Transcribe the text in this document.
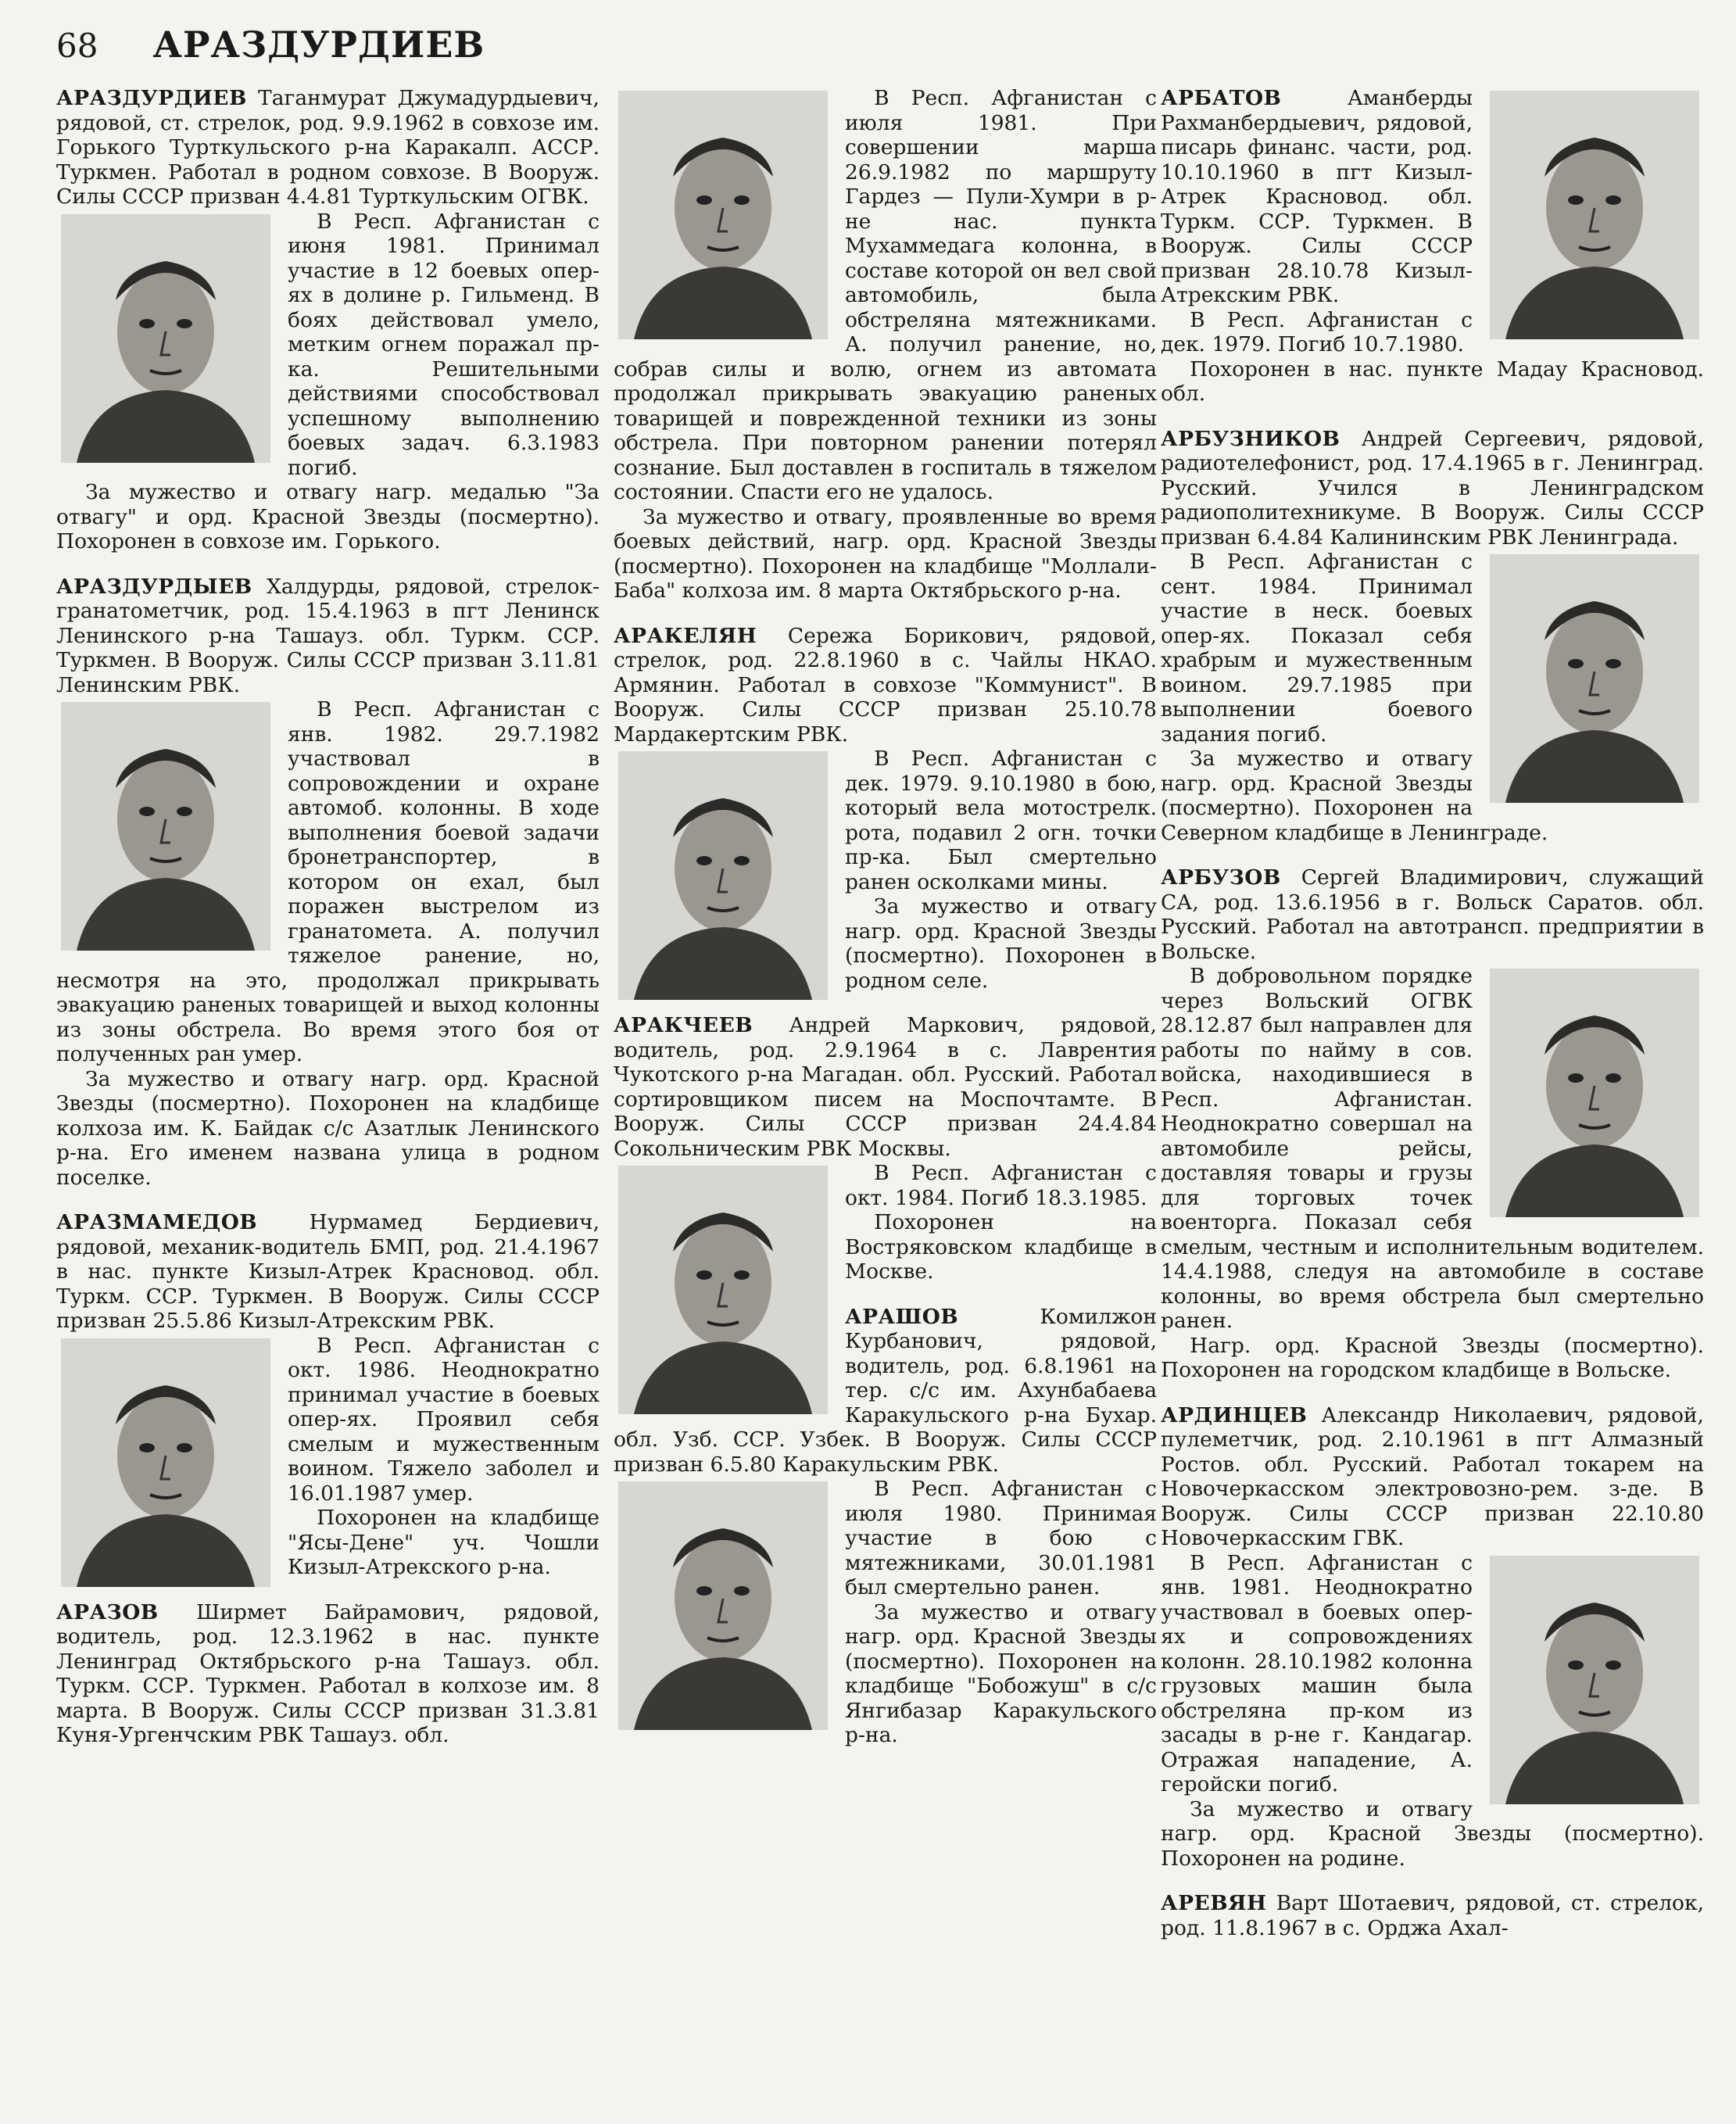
68 АРАЗДУРДИЕВ

АРАЗДУРДИЕВ Таганмурат Джумадурдыевич, рядовой, ст. стрелок, род. 9.9.1962 в совхозе им. Горького Турткульского р-на Каракалп. АССР. Туркмен. Работал в родном совхозе. В Вооруж. Силы СССР призван 4.4.81 Турткульским ОГВК.

В Респ. Афганистан с июня 1981. Принимал участие в 12 боевых опер-ях в долине р. Гильменд. В боях действовал умело, метким огнем поражал пр-ка. Решительными действиями способствовал успешному выполнению боевых задач. 6.3.1983 погиб.

За мужество и отвагу нагр. медалью "За отвагу" и орд. Красной Звезды (посмертно). Похоронен в совхозе им. Горького.

АРАЗДУРДЫЕВ Халдурды, рядовой, стрелок-гранатометчик, род. 15.4.1963 в пгт Ленинск Ленинского р-на Ташауз. обл. Туркм. ССР. Туркмен. В Вооруж. Силы СССР призван 3.11.81 Ленинским РВК.

В Респ. Афганистан с янв. 1982. 29.7.1982 участвовал в сопровождении и охране автомоб. колонны. В ходе выполнения боевой задачи бронетранспортер, в котором он ехал, был поражен выстрелом из гранатомета. А. получил тяжелое ранение, но, несмотря на это, продолжал прикрывать эвакуацию раненых товарищей и выход колонны из зоны обстрела. Во время этого боя от полученных ран умер.

За мужество и отвагу нагр. орд. Красной Звезды (посмертно). Похоронен на кладбище колхоза им. К. Байдак с/с Азатлык Ленинского р-на. Его именем названа улица в родном поселке.

АРАЗМАМЕДОВ	Нурмамед Бердиевич, рядовой, механик-водитель БМП, род. 21.4.1967 в нас. пункте Кизыл-Атрек Красновод. обл. Туркм. ССР. Туркмен. В Вооруж. Силы СССР призван 25.5.86 Кизыл-Атрекским РВК.

В Респ. Афганистан с окт. 1986. Неоднократно принимал участие в боевых опер-ях. Проявил себя смелым и мужественным воином. Тяжело заболел и 16.01.1987 умер.

Похоронен на кладбище "Ясы-Дене" уч. Чошли Кизыл-Атрекского р-на.

АРАЗОВ Ширмет Байрамович, рядовой, водитель, род. 12.3.1962 в нас. пункте Ленинград Октябрьского р-на Ташауз. обл. Туркм. ССР. Туркмен. Работал в колхозе им. 8 марта. В Вооруж. Силы СССР призван 31.3.81 Куня-Ургенчским РВК Ташауз. обл.

В Респ. Афганистан с июля 1981. При совершении марша 26.9.1982 по маршруту Гардез — Пули-Хумри в р-не нас. пункта Мухаммедага колонна, в составе которой он вел свой автомобиль, была обстреляна мятежниками. А. получил ранение, но, собрав силы и волю, огнем из автомата продолжал прикрывать эвакуацию раненых товарищей и поврежденной техники из зоны обстрела. При повторном ранении потерял сознание. Был доставлен в госпиталь в тяжелом состоянии. Спасти его не удалось.

За мужество и отвагу, проявленные во время боевых действий, нагр. орд. Красной Звезды (посмертно). Похоронен на кладбище "Моллали-Баба" колхоза им. 8 марта Октябрьского р-на.

АРАКЕЛЯН Сережа Борикович, рядовой, стрелок, род. 22.8.1960 в с. Чайлы НКАО. Армянин. Работал в совхозе "Коммунист". В Вооруж. Силы СССР призван 25.10.78 Мардакертским РВК.

В Респ. Афганистан с дек. 1979. 9.10.1980 в бою, который вела мотострелк. рота, подавил 2 огн. точки пр-ка. Был смертельно ранен осколками мины.

За мужество и отвагу нагр. орд. Красной Звезды (посмертно). Похоронен в родном селе.

АРАКЧЕЕВ Андрей Маркович, рядовой, водитель, род. 2.9.1964 в с. Лаврентия Чукотского р-на Магадан. обл. Русский. Работал сортировщиком писем на Моспочтамте. В Вооруж. Силы СССР призван 24.4.84 Сокольническим РВК Москвы.

В Респ. Афганистан с окт. 1984. Погиб 18.3.1985.

Похоронен на Востряковском кладбище в Москве.

АРАШОВ	Комилжон Курбанович, рядовой, водитель, род. 6.8.1961 на тер. с/с им. Ахунбабаева Каракульского р-на Бухар. обл. Узб. ССР. Узбек. В Вооруж. Силы СССР призван 6.5.80 Каракульским РВК.

В Респ. Афганистан с июля 1980. Принимая участие в бою с мятежниками, 30.01.1981 был смертельно ранен.

За мужество и отвагу нагр. орд. Красной Звезды (посмертно). Похоронен на кладбище "Бобожуш" в с/с Янгибазар Каракульского р-на.

АРБАТОВ	Аманберды Рахманбердыевич, рядовой, писарь финанс. части, род. 10.10.1960 в пгт Кизыл-Атрек Красновод. обл. Туркм. ССР. Туркмен. В Вооруж. Силы СССР призван 28.10.78 Кизыл-Атрекским РВК.

В Респ. Афганистан с дек. 1979. Погиб 10.7.1980.

Похоронен в нас. пункте Мадау Красновод. обл.

АРБУЗНИКОВ Андрей Сергеевич, рядовой, радиотелефонист, род. 17.4.1965 в г. Ленинград. Русский. Учился в Ленинградском радиополитехникуме. В Вооруж. Силы СССР призван 6.4.84 Калининским РВК Ленинграда.

В Респ. Афганистан с сент. 1984. Принимал участие в неск. боевых опер-ях. Показал себя храбрым и мужественным воином. 29.7.1985 при выполнении боевого задания погиб.

За мужество и отвагу нагр. орд. Красной Звезды (посмертно). Похоронен на Северном кладбище в Ленинграде.

АРБУЗОВ Сергей Владимирович, служащий СА, род. 13.6.1956 в г. Вольск Саратов. обл. Русский. Работал на автотрансп. предприятии в Вольске.

В добровольном порядке через Вольский ОГВК 28.12.87 был направлен для работы по найму в сов. войска, находившиеся в Респ. Афганистан. Неоднократно совершал на автомобиле рейсы, доставляя товары и грузы для торговых точек военторга. Показал себя смелым, честным и исполнительным водителем. 14.4.1988, следуя на автомобиле в составе колонны, во время обстрела был смертельно ранен.

Нагр. орд. Красной Звезды (посмертно). Похоронен на городском кладбище в Вольске.

АРДИНЦЕВ Александр Николаевич, рядовой, пулеметчик, род. 2.10.1961 в пгт Алмазный Ростов. обл. Русский. Работал токарем на Новочеркасском электровозно-рем. з-де. В Вооруж. Силы СССР призван 22.10.80 Новочеркасским ГВК.

В Респ. Афганистан с янв. 1981. Неоднократно участвовал в боевых опер-ях и сопровождениях колонн. 28.10.1982 колонна грузовых машин была обстреляна пр-ком из засады в р-не г. Кандагар. Отражая нападение, А. геройски погиб.

За мужество и отвагу нагр. орд. Красной Звезды (посмертно). Похоронен на родине.

АРЕВЯН Варт Шотаевич, рядовой, ст. стрелок, род. 11.8.1967 в с. Орджа Ахал-
